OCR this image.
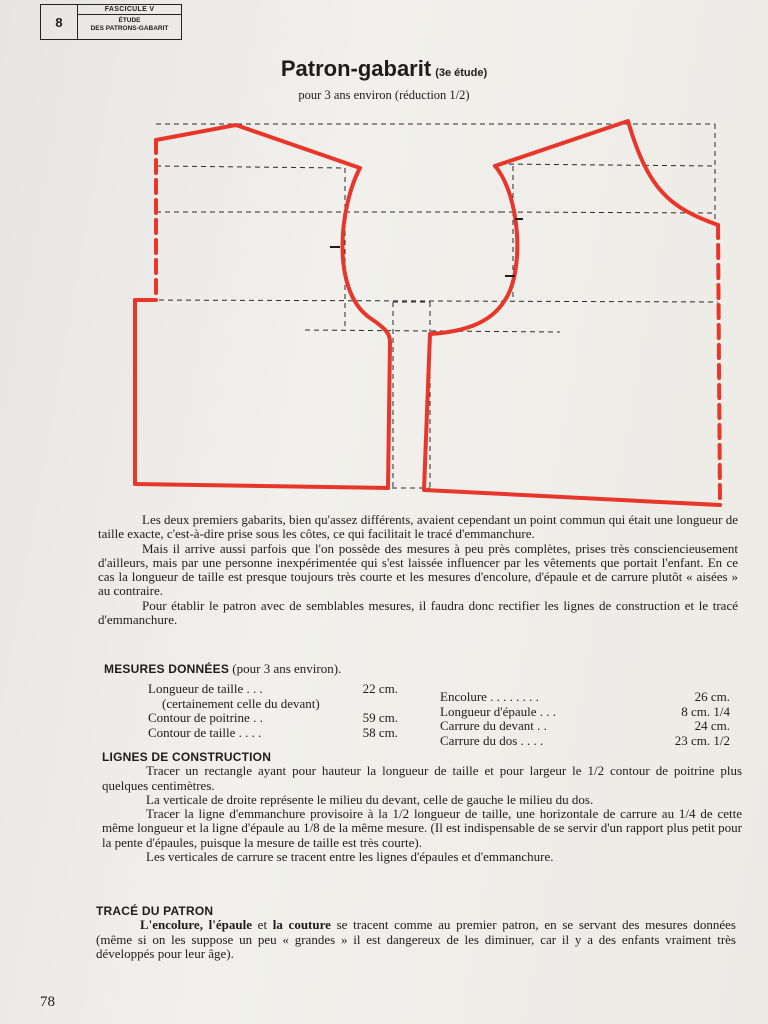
8
FASCICULE V
ÉTUDE
DES PATRONS-GABARIT
Patron-gabarit (3e étude)
pour 3 ans environ (réduction 1/2)

Les deux premiers gabarits, bien qu'assez différents, avaient cependant un point commun qui était une longueur de taille exacte, c'est-à-dire prise sous les côtes, ce qui facilitait le tracé d'emmanchure.

Mais il arrive aussi parfois que l'on possède des mesures à peu près complètes, prises très consciencieusement d'ailleurs, mais par une personne inexpérimentée qui s'est laissée influencer par les vêtements que portait l'enfant. En ce cas la longueur de taille est presque toujours très courte et les mesures d'encolure, d'épaule et de carrure plutôt « aisées » au contraire.

Pour établir le patron avec de semblables mesures, il faudra donc rectifier les lignes de construction et le tracé d'emmanchure.

MESURES DONNÉES (pour 3 ans environ).
Longueur de taille . . .	22 cm.
(certainement celle du devant)
Contour de poitrine . .	59 cm.
Contour de taille . . . .	58 cm.
Encolure . . . . . . . .	26 cm.
Longueur d'épaule . . .	8 cm. 1/4
Carrure du devant . .	24 cm.
Carrure du dos . . . .	23 cm. 1/2
LIGNES DE CONSTRUCTION

Tracer un rectangle ayant pour hauteur la longueur de taille et pour largeur le 1/2 contour de poitrine plus quelques centimètres.

La verticale de droite représente le milieu du devant, celle de gauche le milieu du dos.

Tracer la ligne d'emmanchure provisoire à la 1/2 longueur de taille, une horizontale de carrure au 1/4 de cette même longueur et la ligne d'épaule au 1/8 de la même mesure. (Il est indispensable de se servir d'un rapport plus petit pour la pente d'épaules, puisque la mesure de taille est très courte).

Les verticales de carrure se tracent entre les lignes d'épaules et d'emmanchure.

TRACÉ DU PATRON

L'encolure, l'épaule et la couture se tracent comme au premier patron, en se servant des mesures données (même si on les suppose un peu « grandes » il est dangereux de les diminuer, car il y a des enfants vraiment très développés pour leur âge).

78
